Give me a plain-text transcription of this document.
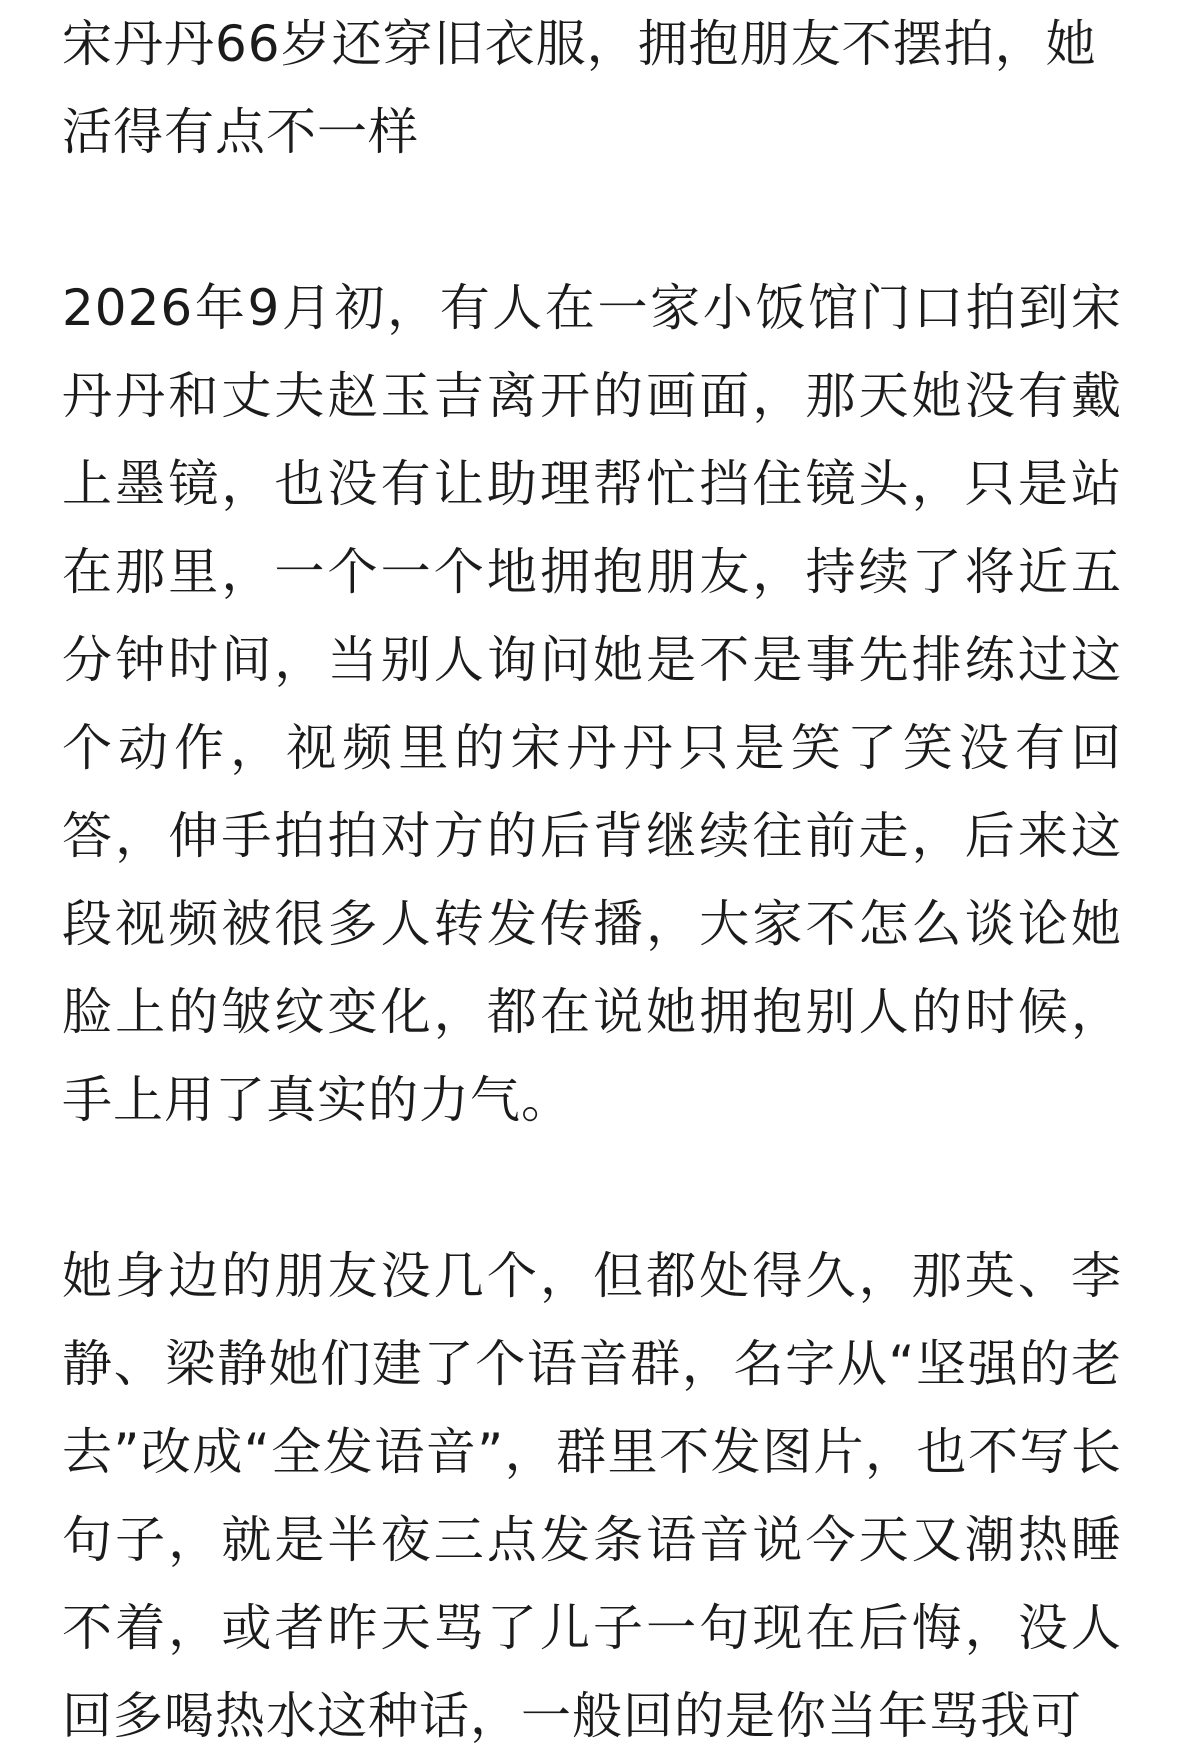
宋丹丹66岁还穿旧衣服，拥抱朋友不摆拍，她活得有点不一样

2026年9月初，有人在一家小饭馆门口拍到宋丹丹和丈夫赵玉吉离开的画面，那天她没有戴上墨镜，也没有让助理帮忙挡住镜头，只是站在那里，一个一个地拥抱朋友，持续了将近五分钟时间，当别人询问她是不是事先排练过这个动作，视频里的宋丹丹只是笑了笑没有回答，伸手拍拍对方的后背继续往前走，后来这段视频被很多人转发传播，大家不怎么谈论她脸上的皱纹变化，都在说她拥抱别人的时候，手上用了真实的力气。

她身边的朋友没几个，但都处得久，那英、李静、梁静她们建了个语音群，名字从“坚强的老去”改成“全发语音”，群里不发图片，也不写长句子，就是半夜三点发条语音说今天又潮热睡不着，或者昨天骂了儿子一句现在后悔，没人回多喝热水这种话，一般回的是你当年骂我可
